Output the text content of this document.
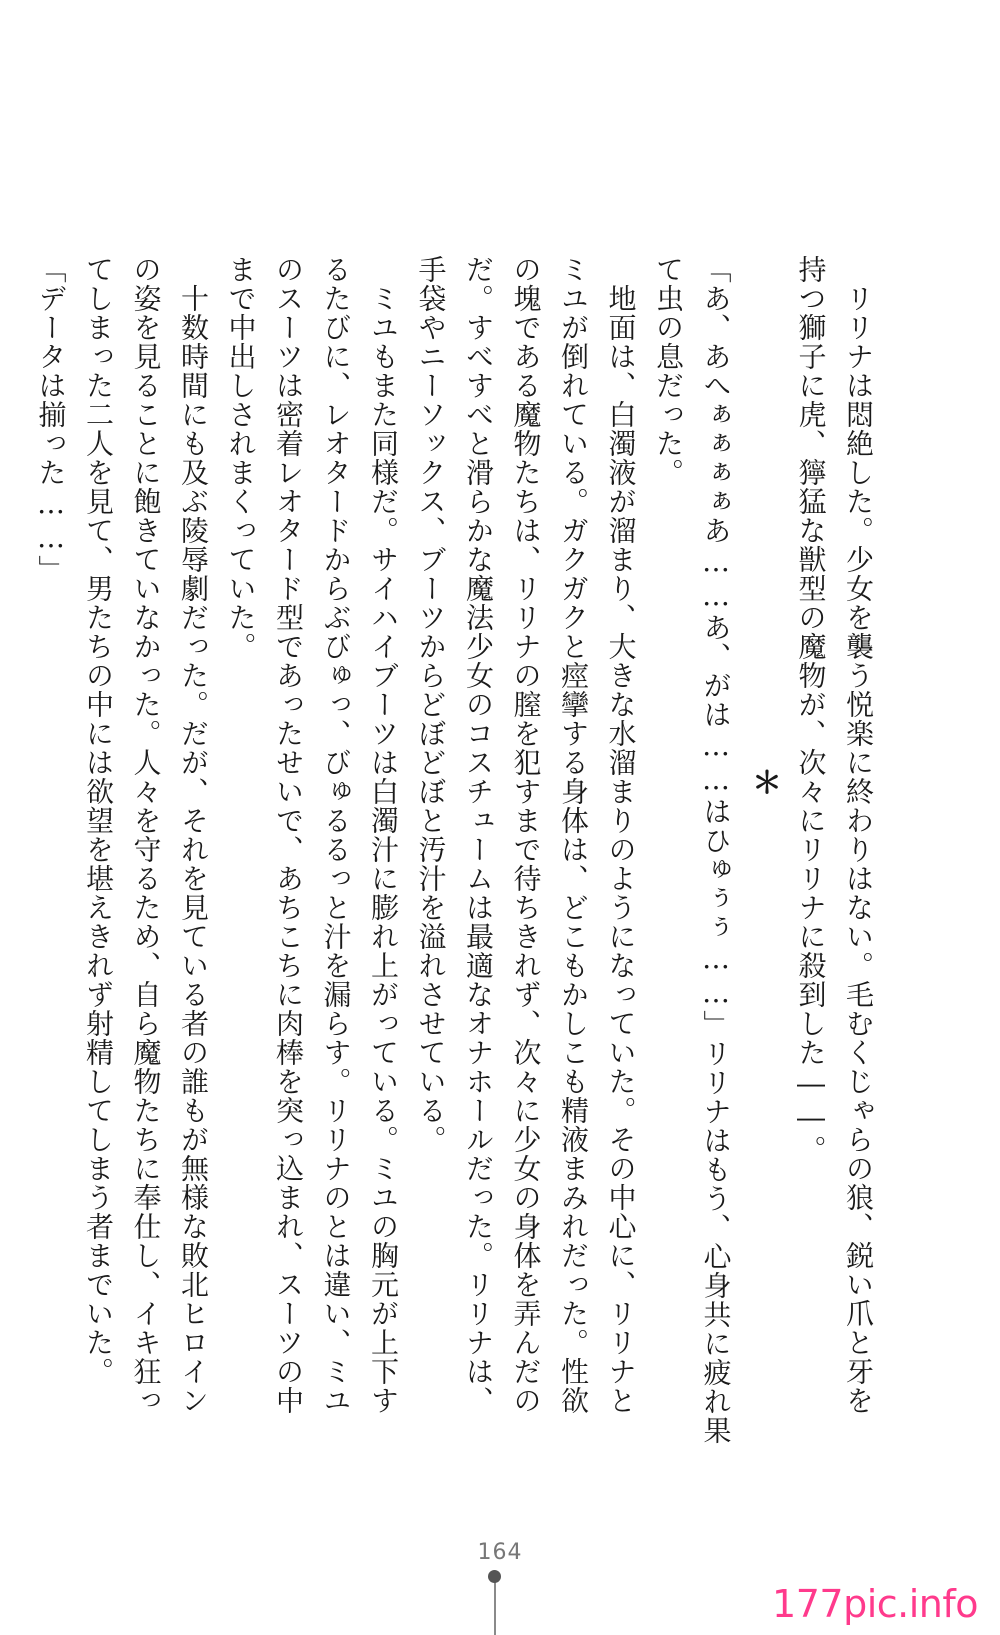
　リリナは悶絶した。少女を襲う悦楽に終わりはない。毛むくじゃらの狼、鋭い爪と牙を
持つ獅子に虎、獰猛な獣型の魔物が、次々にリリナに殺到した――。
＊
「あ、あへぁぁぁぁあ……あ、がは……はひゅぅぅ……」リリナはもう、心身共に疲れ果
て虫の息だった。
　地面は、白濁液が溜まり、大きな水溜まりのようになっていた。その中心に、リリナと
ミユが倒れている。ガクガクと痙攣する身体は、どこもかしこも精液まみれだった。性欲
の塊である魔物たちは、リリナの膣を犯すまで待ちきれず、次々に少女の身体を弄んだの
だ。すべすべと滑らかな魔法少女のコスチュームは最適なオナホールだった。リリナは、
手袋やニーソックス、ブーツからどぼどぼと汚汁を溢れさせている。
　ミユもまた同様だ。サイハイブーツは白濁汁に膨れ上がっている。ミユの胸元が上下す
るたびに、レオタードからぶびゅっ、びゅるるっと汁を漏らす。リリナのとは違い、ミユ
のスーツは密着レオタード型であったせいで、あちこちに肉棒を突っ込まれ、スーツの中
まで中出しされまくっていた。
　十数時間にも及ぶ陵辱劇だった。だが、それを見ている者の誰もが無様な敗北ヒロイン
の姿を見ることに飽きていなかった。人々を守るため、自ら魔物たちに奉仕し、イキ狂っ
てしまった二人を見て、男たちの中には欲望を堪えきれず射精してしまう者までいた。
「データは揃った……」
164
177pic.info
